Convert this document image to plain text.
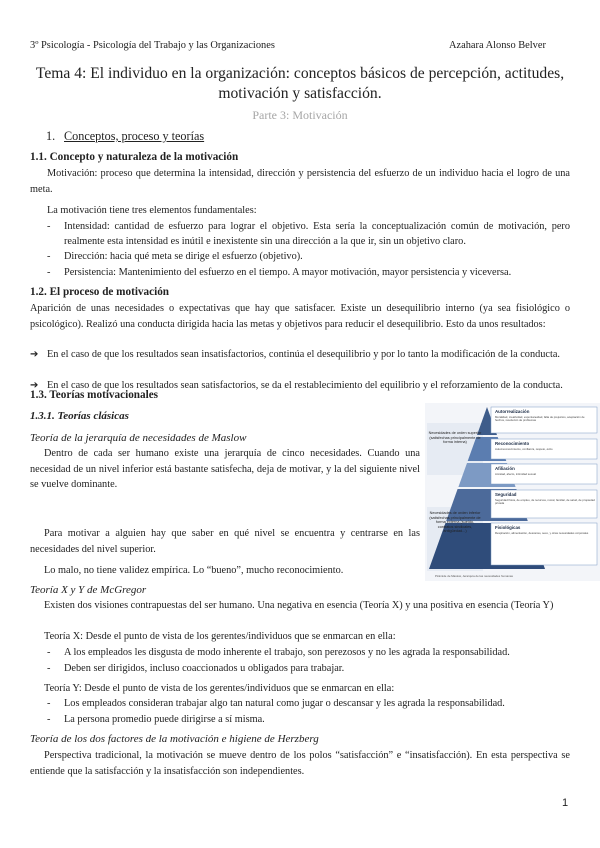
3º Psicología - Psicología del Trabajo y las Organizaciones	Azahara Alonso Belver
Tema 4: El individuo en la organización: conceptos básicos de percepción, actitudes, motivación y satisfacción.
Parte 3: Motivación
1. Conceptos, proceso y teorías
1.1. Concepto y naturaleza de la motivación
Motivación: proceso que determina la intensidad, dirección y persistencia del esfuerzo de un individuo hacia el logro de una meta.
La motivación tiene tres elementos fundamentales:
- Intensidad: cantidad de esfuerzo para lograr el objetivo. Esta sería la conceptualización común de motivación, pero realmente esta intensidad es inútil e inexistente sin una dirección a la que ir, sin un objetivo claro.
- Dirección: hacia qué meta se dirige el esfuerzo (objetivo).
- Persistencia: Mantenimiento del esfuerzo en el tiempo. A mayor motivación, mayor persistencia y viceversa.
1.2. El proceso de motivación
Aparición de unas necesidades o expectativas que hay que satisfacer. Existe un desequilibrio interno (ya sea fisiológico o psicológico). Realizó una conducta dirigida hacia las metas y objetivos para reducir el desequilibrio. Esto da unos resultados:
➔ En el caso de que los resultados sean insatisfactorios, continúa el desequilibrio y por lo tanto la modificación de la conducta.
➔ En el caso de que los resultados sean satisfactorios, se da el restablecimiento del equilibrio y el reforzamiento de la conducta.
1.3. Teorías motivacionales
1.3.1. Teorías clásicas
Teoría de la jerarquía de necesidades de Maslow
Dentro de cada ser humano existe una jerarquía de cinco necesidades. Cuando una necesidad de un nivel inferior está bastante satisfecha, deja de motivar, y la del siguiente nivel se vuelve dominante.
Para motivar a alguien hay que saber en qué nivel se encuentra y centrarse en las necesidades del nivel superior.
Lo malo, no tiene validez empírica. Lo “bueno”, mucho reconocimiento.
Teoría X y Y de McGregor
Existen dos visiones contrapuestas del ser humano. Una negativa en esencia (Teoría X) y una positiva en esencia (Teoría Y)
Teoría X: Desde el punto de vista de los gerentes/individuos que se enmarcan en ella:
- A los empleados les disgusta de modo inherente el trabajo, son perezosos y no les agrada la responsabilidad.
- Deben ser dirigidos, incluso coaccionados u obligados para trabajar.
Teoría Y: Desde el punto de vista de los gerentes/individuos que se enmarcan en ella:
- Los empleados consideran trabajar algo tan natural como jugar o descansar y les agrada la responsabilidad.
- La persona promedio puede dirigirse a sí misma.
Teoría de los dos factores de la motivación e higiene de Herzberg
Perspectiva tradicional, la motivación se mueve dentro de los polos “satisfacción” e “insatisfacción). En esta perspectiva se entiende que la satisfacción y la insatisfacción son independientes.
Autorrealización
Moralidad, creatividad, espontaneidad, falta de prejuicios, aceptación de hechos, resolución de problemas
Reconocimiento
Autorreconocimiento, confianza, respeto, éxito
Afiliación
Amistad, afecto, intimidad sexual
Seguridad
Seguridad física, de empleo, de recursos, moral, familiar, de salud, de propiedad privada
Fisiológicas
Respiración, alimentación, descanso, sexo, y otras necesidades corporales
Necesidades de orden superior (satisfechas principalmente de forma interna)
Necesidades de orden inferior (satisfechas principalmente de forma externa (sueldo, contratos sindicales, antigüedad...)
Pirámide de Maslow, Jerarquía de las necesidades humanas
1
